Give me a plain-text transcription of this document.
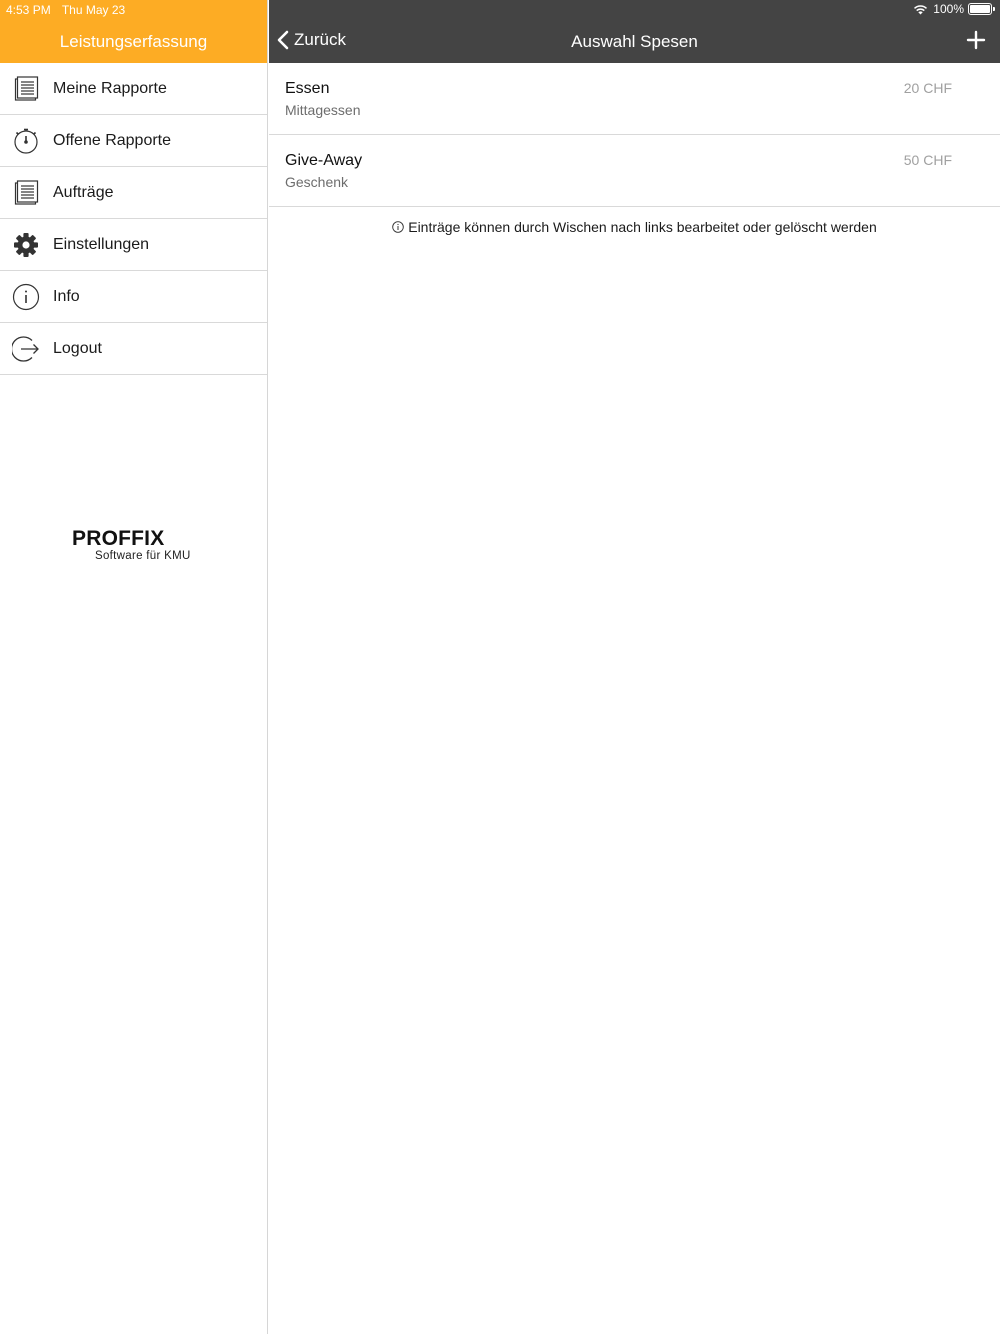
4:53 PM Thu May 23
Leistungserfassung
Meine Rapporte
Offene Rapporte
Aufträge
Einstellungen
Info
Logout
PROFFIX
Software für KMU
100%
Zurück	Auswahl Spesen
Essen
Mittagessen
20 CHF
Give-Away
Geschenk
50 CHF
Einträge können durch Wischen nach links bearbeitet oder gelöscht werden
